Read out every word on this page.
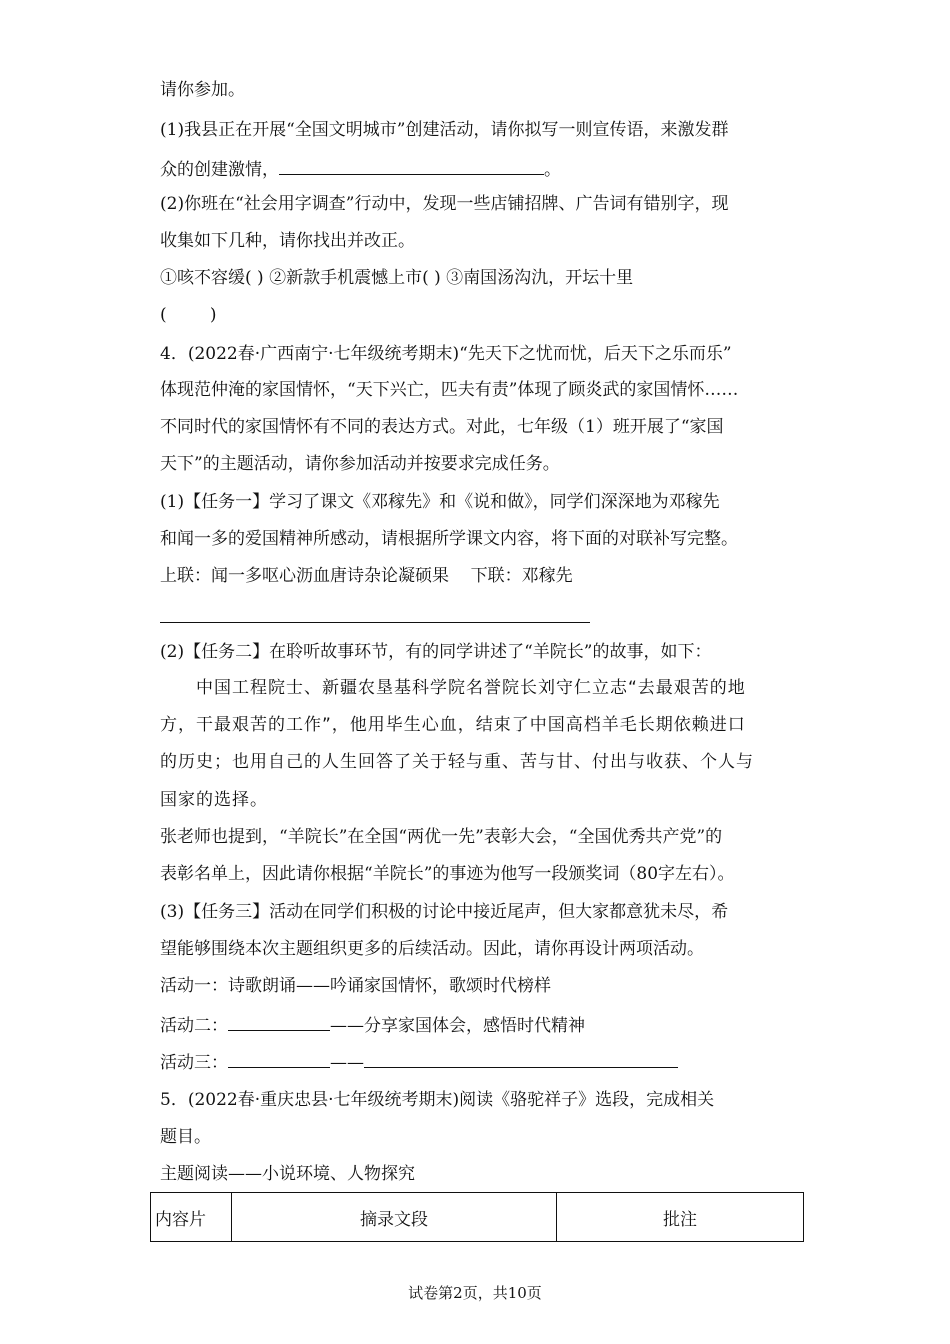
请你参加。
(1)我县正在开展“全国文明城市”创建活动，请你拟写一则宣传语，来激发群
众的创建激情，	。
(2)你班在“社会用字调查”行动中，发现一些店铺招牌、广告词有错别字，现
收集如下几种，请你找出并改正。
①咳不容缓( ) ②新款手机震憾上市( ) ③南国汤沟氿，开坛十里
(        )
4．(2022春·广西南宁·七年级统考期末)“先天下之忧而忧，后天下之乐而乐”
体现范仲淹的家国情怀，“天下兴亡，匹夫有责”体现了顾炎武的家国情怀……
不同时代的家国情怀有不同的表达方式。对此，七年级（1）班开展了“家国
天下”的主题活动，请你参加活动并按要求完成任务。
(1)【任务一】学习了课文《邓稼先》和《说和做》，同学们深深地为邓稼先
和闻一多的爱国精神所感动，请根据所学课文内容，将下面的对联补写完整。
上联：闻一多呕心沥血唐诗杂论凝硕果    下联：邓稼先
(2)【任务二】在聆听故事环节，有的同学讲述了“羊院长”的故事，如下：
中国工程院士、新疆农垦基科学院名誉院长刘守仁立志“去最艰苦的地
方，干最艰苦的工作”，他用毕生心血，结束了中国高档羊毛长期依赖进口
的历史；也用自己的人生回答了关于轻与重、苦与甘、付出与收获、个人与
国家的选择。
张老师也提到，“羊院长”在全国“两优一先”表彰大会，“全国优秀共产党”的
表彰名单上，因此请你根据“羊院长”的事迹为他写一段颁奖词（80字左右）。
(3)【任务三】活动在同学们积极的讨论中接近尾声，但大家都意犹未尽，希
望能够围绕本次主题组织更多的后续活动。因此，请你再设计两项活动。
活动一：诗歌朗诵——吟诵家国情怀，歌颂时代榜样
活动二：	——分享家国体会，感悟时代精神
活动三：	——
5．(2022春·重庆忠县·七年级统考期末)阅读《骆驼祥子》选段，完成相关
题目。
主题阅读——小说环境、人物探究
内容片	摘录文段	批注
试卷第2页，共10页
